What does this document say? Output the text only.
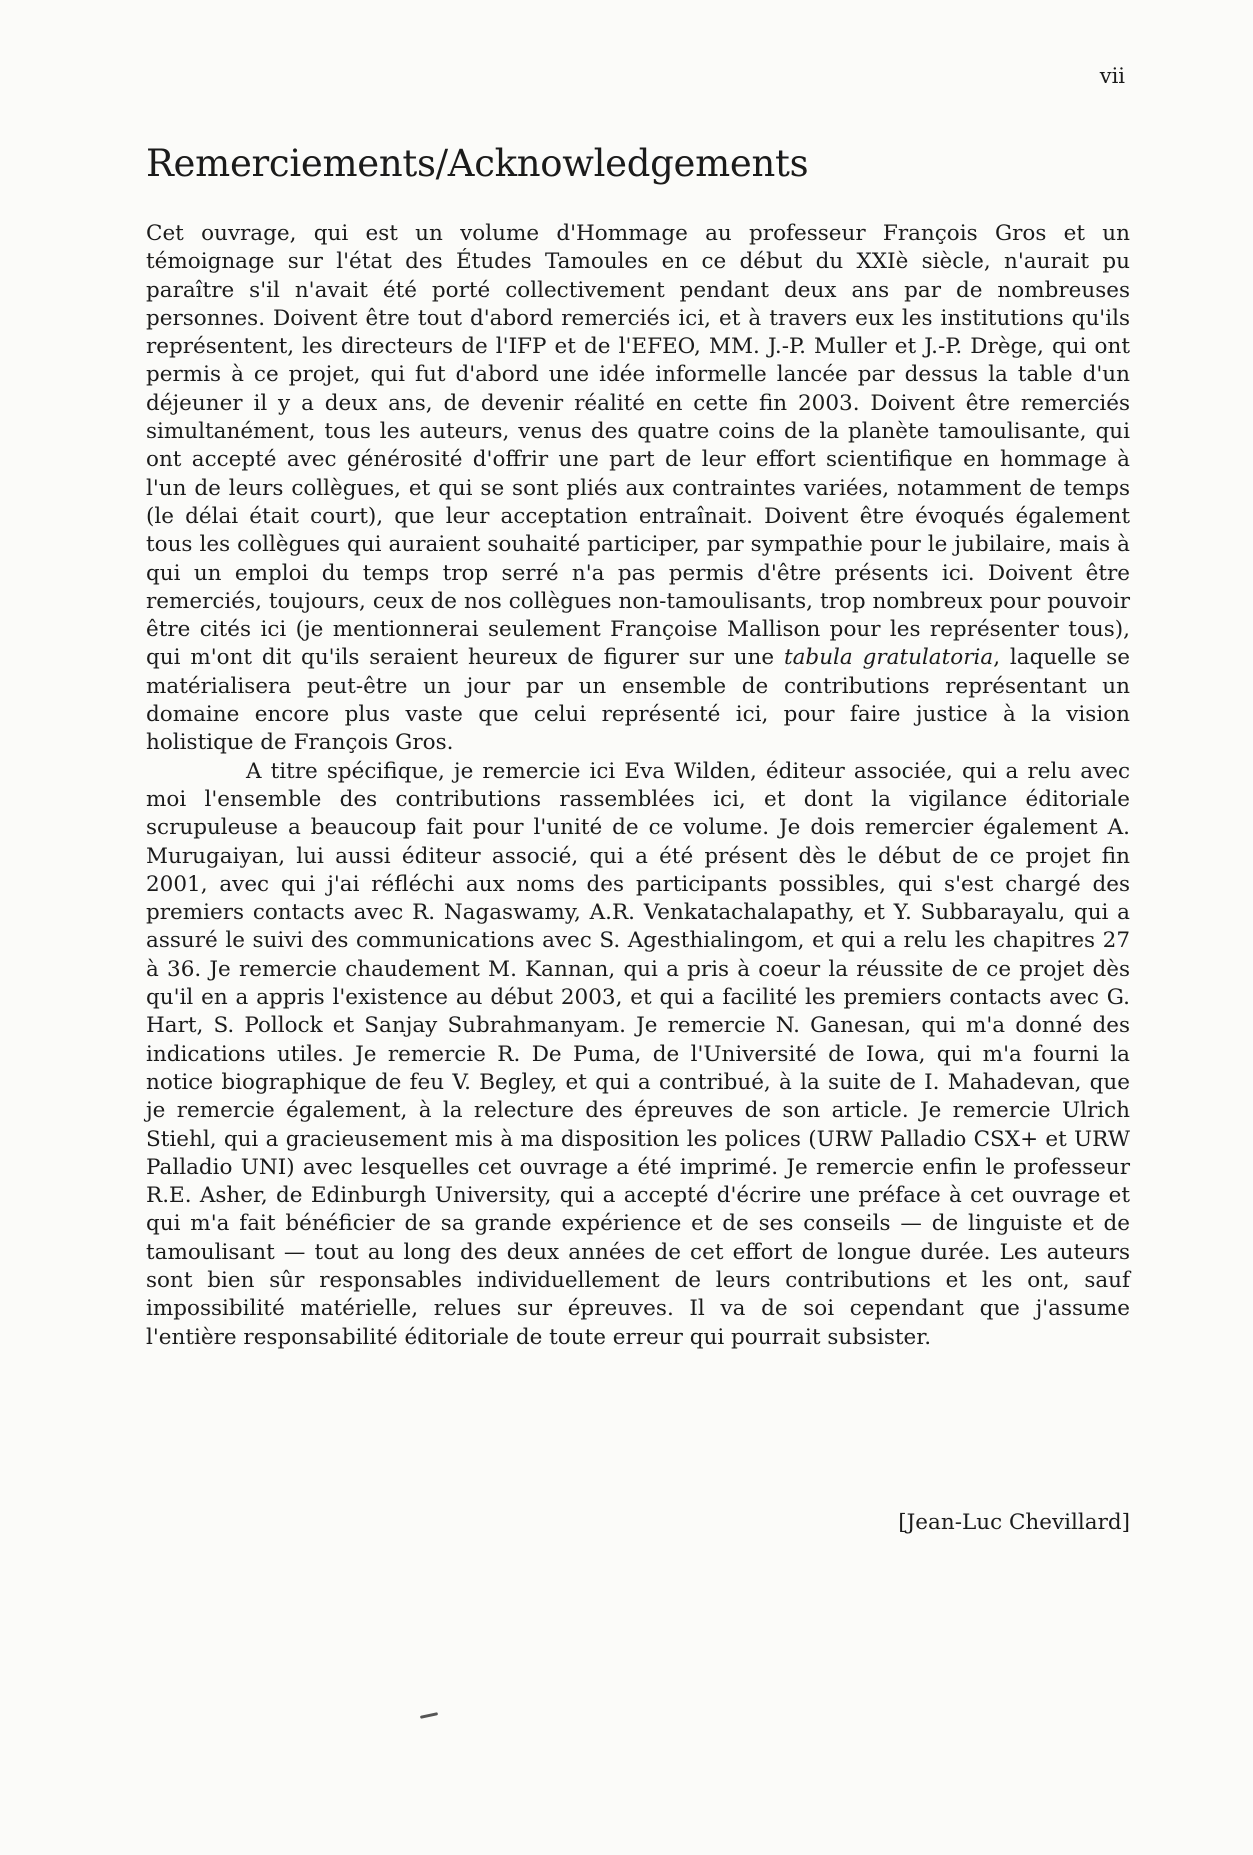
vii
Remerciements/Acknowledgements

Cet ouvrage, qui est un volume d'Hommage au professeur François Gros et un témoignage sur l'état des Études Tamoules en ce début du XXIè siècle, n'aurait pu paraître s'il n'avait été porté collectivement pendant deux ans par de nombreuses personnes. Doivent être tout d'abord remerciés ici, et à travers eux les institutions qu'ils représentent, les directeurs de l'IFP et de l'EFEO, MM. J.-P. Muller et J.-P. Drège, qui ont permis à ce projet, qui fut d'abord une idée informelle lancée par dessus la table d'un déjeuner il y a deux ans, de devenir réalité en cette fin 2003. Doivent être remerciés simultanément, tous les auteurs, venus des quatre coins de la planète tamoulisante, qui ont accepté avec générosité d'offrir une part de leur effort scientifique en hommage à l'un de leurs collègues, et qui se sont pliés aux contraintes variées, notamment de temps (le délai était court), que leur acceptation entraînait. Doivent être évoqués également tous les collègues qui auraient souhaité participer, par sympathie pour le jubilaire, mais à qui un emploi du temps trop serré n'a pas permis d'être présents ici. Doivent être remerciés, toujours, ceux de nos collègues non-tamoulisants, trop nombreux pour pouvoir être cités ici (je mentionnerai seulement Françoise Mallison pour les représenter tous), qui m'ont dit qu'ils seraient heureux de figurer sur une tabula gratulatoria, laquelle se matérialisera peut-être un jour par un ensemble de contributions représentant un domaine encore plus vaste que celui représenté ici, pour faire justice à la vision holistique de François Gros.

A titre spécifique, je remercie ici Eva Wilden, éditeur associée, qui a relu avec moi l'ensemble des contributions rassemblées ici, et dont la vigilance éditoriale scrupuleuse a beaucoup fait pour l'unité de ce volume. Je dois remercier également A. Murugaiyan, lui aussi éditeur associé, qui a été présent dès le début de ce projet fin 2001, avec qui j'ai réfléchi aux noms des participants possibles, qui s'est chargé des premiers contacts avec R. Nagaswamy, A.R. Venkatachalapathy, et Y. Subbarayalu, qui a assuré le suivi des communications avec S. Agesthialingom, et qui a relu les chapitres 27 à 36. Je remercie chaudement M. Kannan, qui a pris à coeur la réussite de ce projet dès qu'il en a appris l'existence au début 2003, et qui a facilité les premiers contacts avec G. Hart, S. Pollock et Sanjay Subrahmanyam. Je remercie N. Ganesan, qui m'a donné des indications utiles. Je remercie R. De Puma, de l'Université de Iowa, qui m'a fourni la notice biographique de feu V. Begley, et qui a contribué, à la suite de I. Mahadevan, que je remercie également, à la relecture des épreuves de son article. Je remercie Ulrich Stiehl, qui a gracieusement mis à ma disposition les polices (URW Palladio CSX+ et URW Palladio UNI) avec lesquelles cet ouvrage a été imprimé. Je remercie enfin le professeur R.E. Asher, de Edinburgh University, qui a accepté d'écrire une préface à cet ouvrage et qui m'a fait bénéficier de sa grande expérience et de ses conseils — de linguiste et de tamoulisant — tout au long des deux années de cet effort de longue durée. Les auteurs sont bien sûr responsables individuellement de leurs contributions et les ont, sauf impossibilité matérielle, relues sur épreuves. Il va de soi cependant que j'assume l'entière responsabilité éditoriale de toute erreur qui pourrait subsister.

[Jean-Luc Chevillard]
